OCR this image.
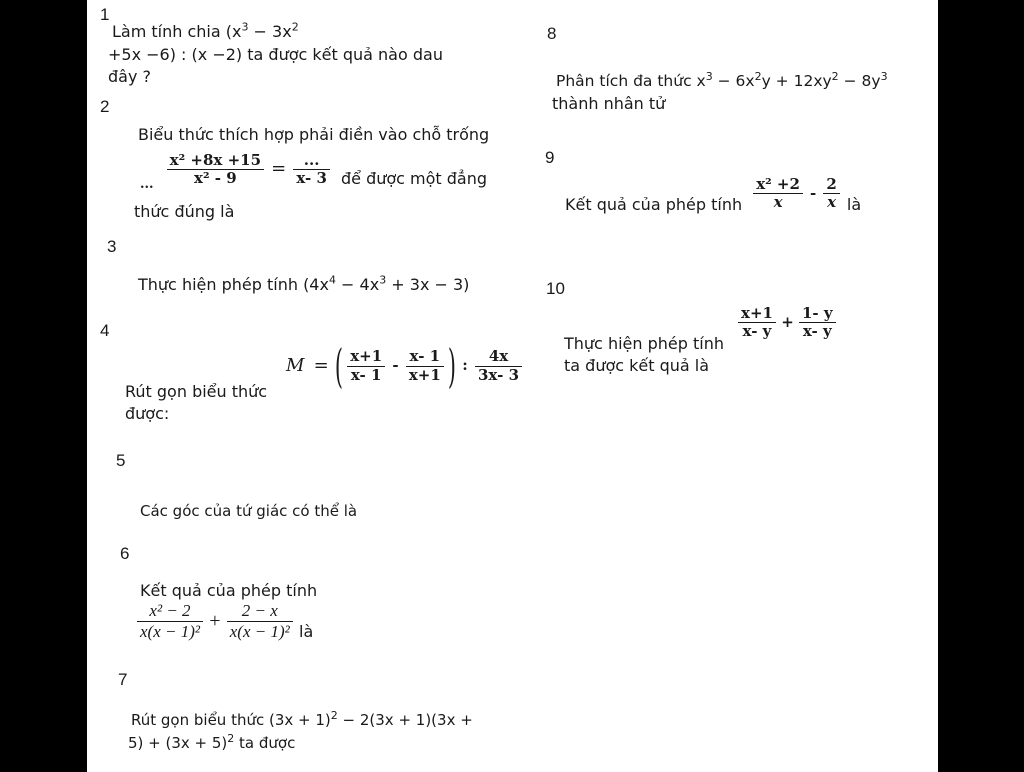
1
Làm tính chia ($x^3 - 3x^2$
+5x −6) : (x −2) ta được kết quả nào dau
đây ?
2
Biểu thức thích hợp phải điền vào chỗ trống
... $\frac{\text{x² +8x +15}}{\text{x² - 9}} = \frac{...}{x- 3}$ để được một đẳng
thức đúng là
3
Thực hiện phép tính $(4x^4 - 4x^3 + 3x - 3)$
4
M = ( $\frac{x+1}{x- 1} - \frac{x- 1}{x+1}$ ) : $\frac{4x}{3x- 3}$
Rút gọn biểu thức
được:
5
Các góc của tứ giác có thể là
6
Kết quả của phép tính
$\frac{\text{x² − 2}}{\text{x(x − 1)²}} + \frac{2 - x}{\text{x(x − 1)²}}$ là
7
Rút gọn biểu thức $(3x + 1)^2 - 2(3x + 1)(3x$ +
$5) + (3x + 5)^2$ ta được
8
Phân tích đa thức $x^3 - 6x^2y + 12xy^2 - 8y^3$
thành nhân tử
9
Kết quả của phép tính $\frac{\text{x² +2}}{x} - \frac{2}{x}$ là
10
$\frac{x+1}{x- y} + \frac{1- y}{x- y}$
Thực hiện phép tính
ta được kết quả là
